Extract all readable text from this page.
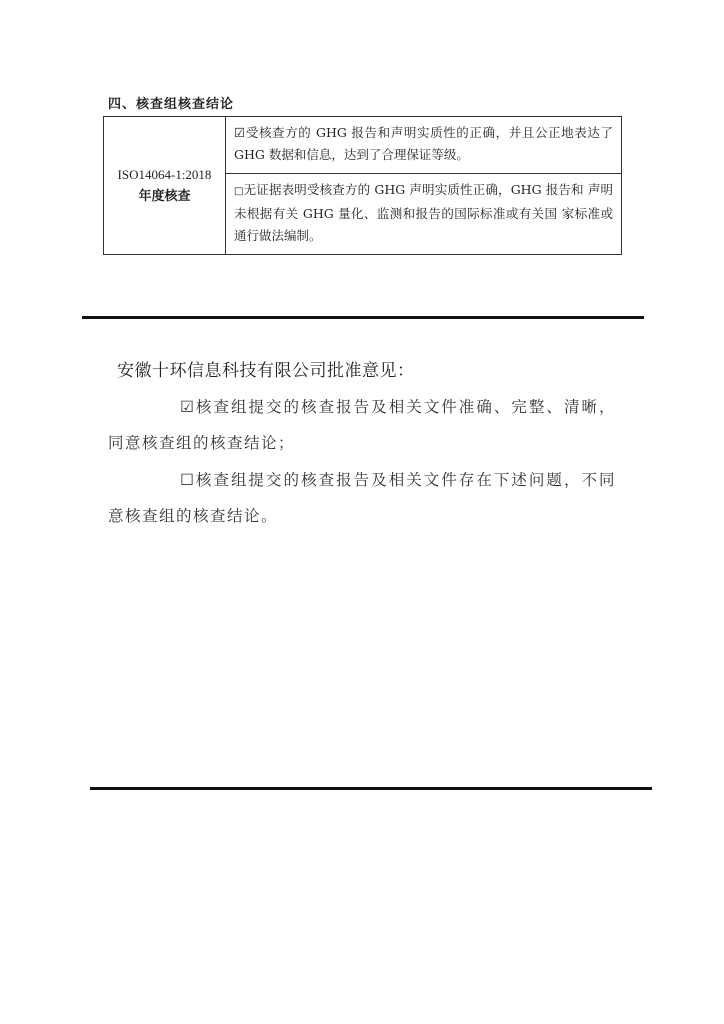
四、核查组核查结论
ISO14064-1:2018
年度核查
	☑受核查方的 GHG 报告和声明实质性的正确，并且公正地表达了 GHG 数据和信息，达到了合理保证等级。
□无证据表明受核查方的 GHG 声明实质性正确，GHG 报告和 声明未根据有关 GHG 量化、监测和报告的国际标准或有关国 家标准或通行做法编制。
安徽十环信息科技有限公司批准意见：
☑核查组提交的核查报告及相关文件准确、完整、清晰，同意核查组的核查结论；
☐核查组提交的核查报告及相关文件存在下述问题，不同意核查组的核查结论。
